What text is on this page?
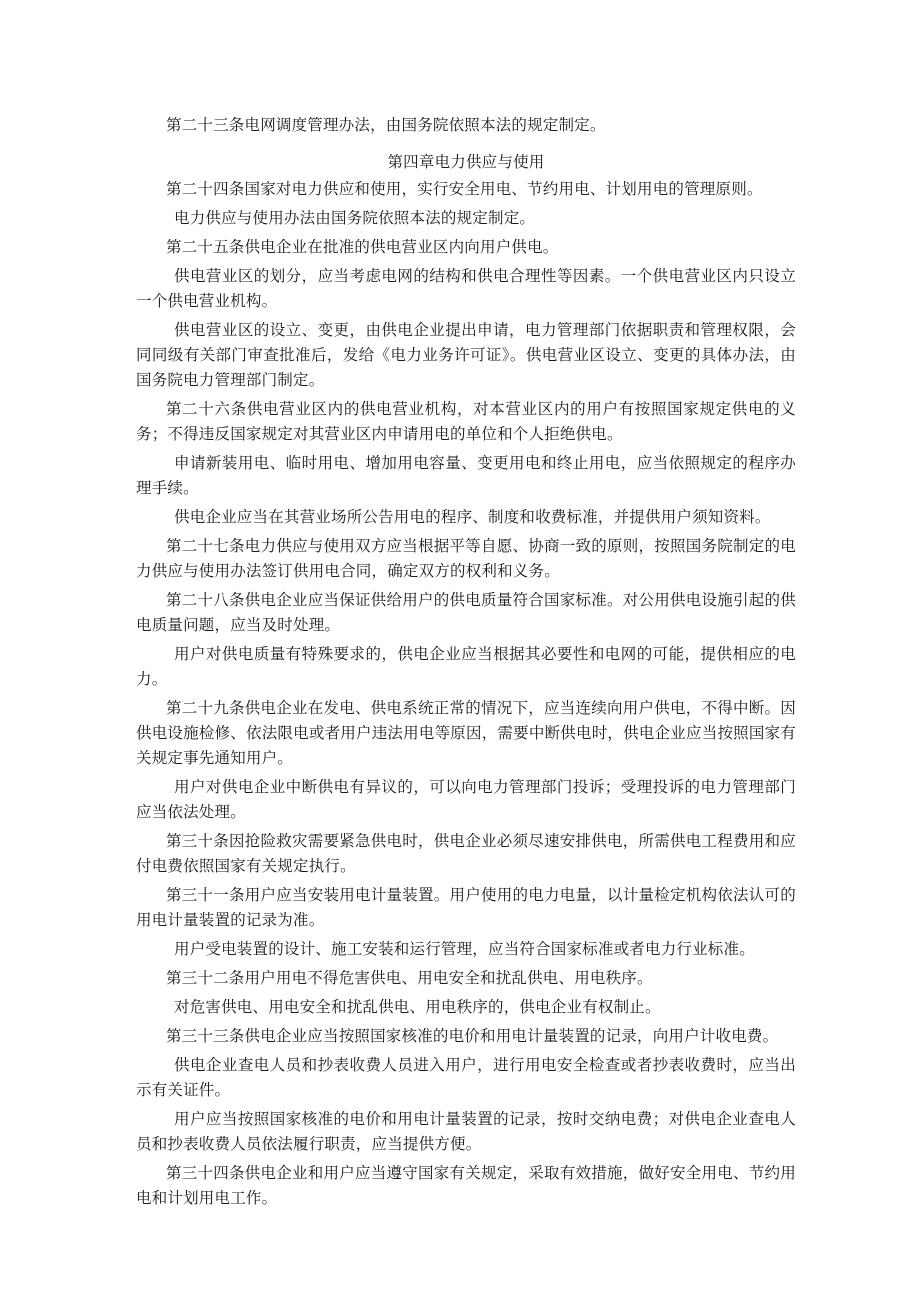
第二十三条电网调度管理办法，由国务院依照本法的规定制定。

第四章电力供应与使用

第二十四条国家对电力供应和使用，实行安全用电、节约用电、计划用电的管理原则。

电力供应与使用办法由国务院依照本法的规定制定。

第二十五条供电企业在批准的供电营业区内向用户供电。

供电营业区的划分，应当考虑电网的结构和供电合理性等因素。一个供电营业区内只设立一个供电营业机构。

供电营业区的设立、变更，由供电企业提出申请，电力管理部门依据职责和管理权限，会同同级有关部门审查批准后，发给《电力业务许可证》。供电营业区设立、变更的具体办法，由国务院电力管理部门制定。

第二十六条供电营业区内的供电营业机构，对本营业区内的用户有按照国家规定供电的义务；不得违反国家规定对其营业区内申请用电的单位和个人拒绝供电。

申请新装用电、临时用电、增加用电容量、变更用电和终止用电，应当依照规定的程序办理手续。

供电企业应当在其营业场所公告用电的程序、制度和收费标准，并提供用户须知资料。

第二十七条电力供应与使用双方应当根据平等自愿、协商一致的原则，按照国务院制定的电力供应与使用办法签订供用电合同，确定双方的权利和义务。

第二十八条供电企业应当保证供给用户的供电质量符合国家标准。对公用供电设施引起的供电质量问题，应当及时处理。

用户对供电质量有特殊要求的，供电企业应当根据其必要性和电网的可能，提供相应的电力。

第二十九条供电企业在发电、供电系统正常的情况下，应当连续向用户供电，不得中断。因供电设施检修、依法限电或者用户违法用电等原因，需要中断供电时，供电企业应当按照国家有关规定事先通知用户。

用户对供电企业中断供电有异议的，可以向电力管理部门投诉；受理投诉的电力管理部门应当依法处理。

第三十条因抢险救灾需要紧急供电时，供电企业必须尽速安排供电，所需供电工程费用和应付电费依照国家有关规定执行。

第三十一条用户应当安装用电计量装置。用户使用的电力电量，以计量检定机构依法认可的用电计量装置的记录为准。

用户受电装置的设计、施工安装和运行管理，应当符合国家标准或者电力行业标准。

第三十二条用户用电不得危害供电、用电安全和扰乱供电、用电秩序。

对危害供电、用电安全和扰乱供电、用电秩序的，供电企业有权制止。

第三十三条供电企业应当按照国家核准的电价和用电计量装置的记录，向用户计收电费。

供电企业查电人员和抄表收费人员进入用户，进行用电安全检查或者抄表收费时，应当出示有关证件。

用户应当按照国家核准的电价和用电计量装置的记录，按时交纳电费；对供电企业查电人员和抄表收费人员依法履行职责，应当提供方便。

第三十四条供电企业和用户应当遵守国家有关规定，采取有效措施，做好安全用电、节约用电和计划用电工作。
